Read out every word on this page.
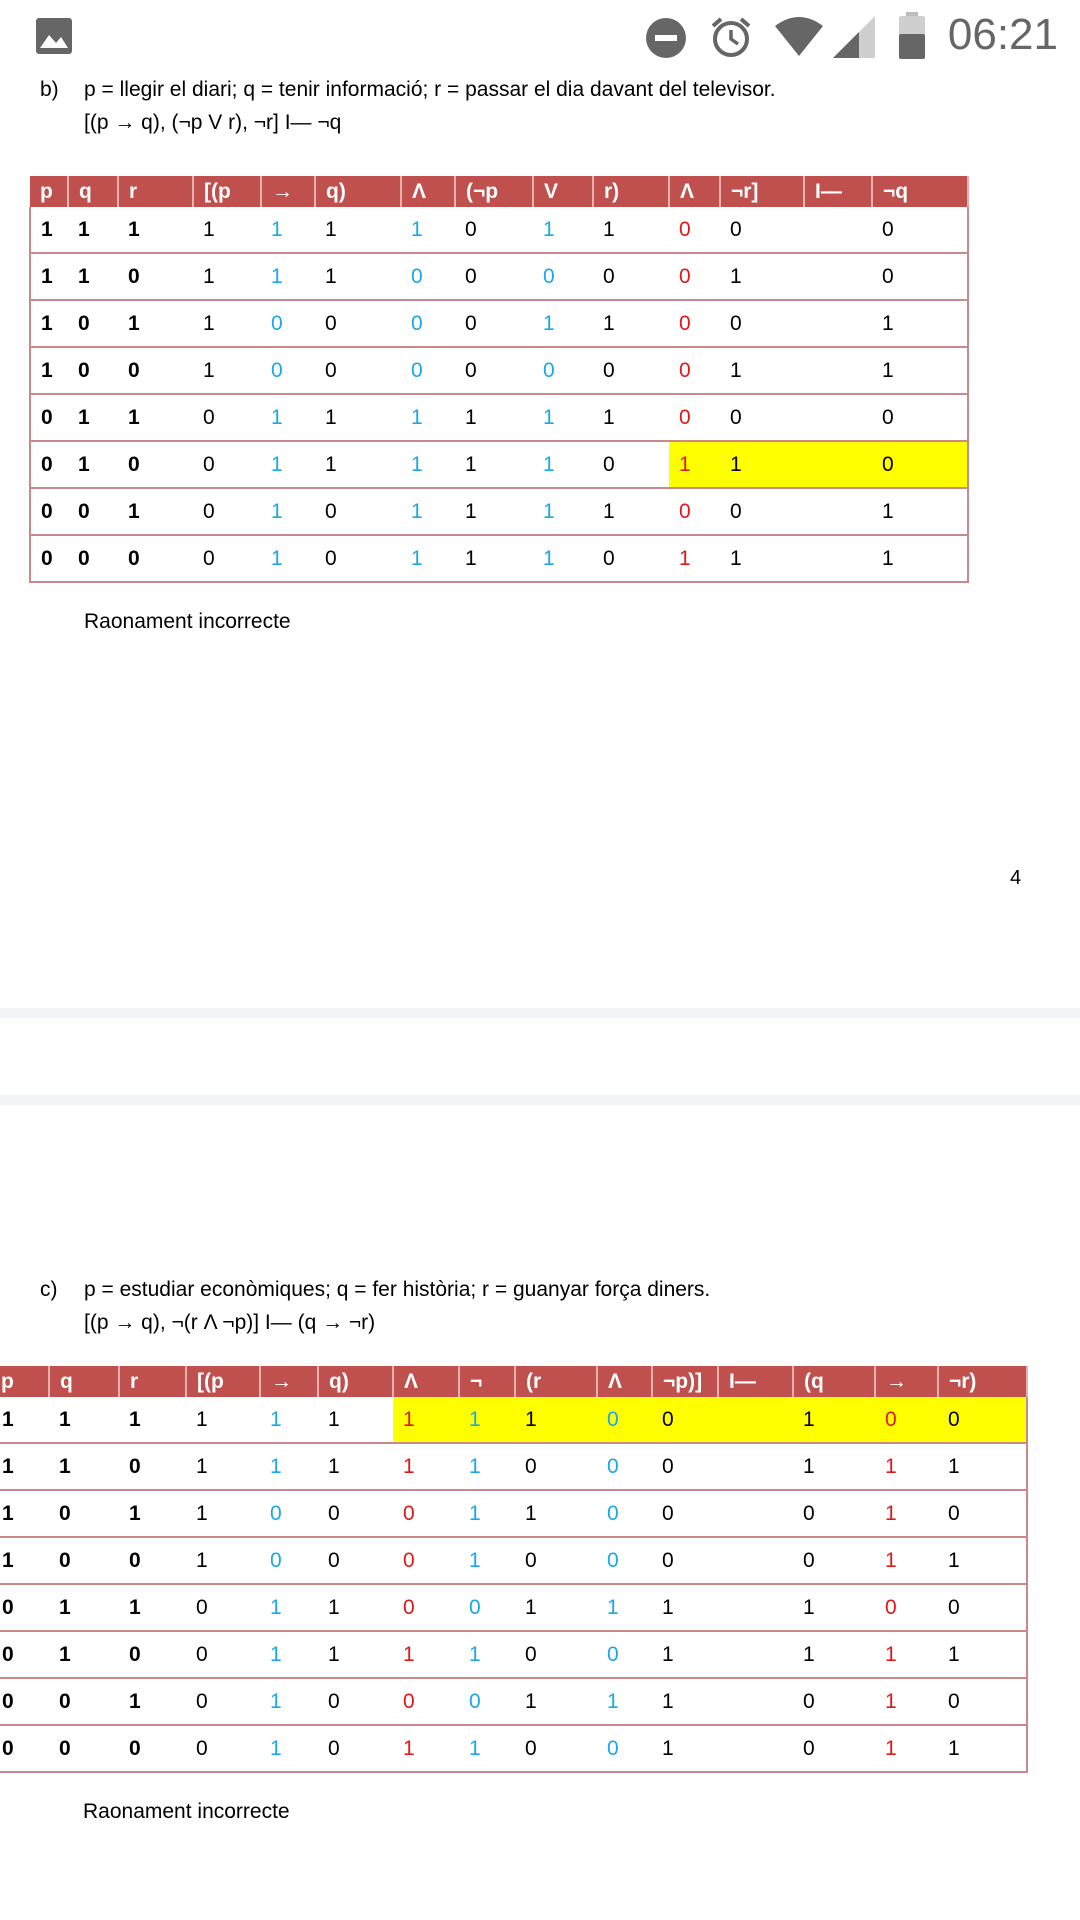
06:21
b) p = llegir el diari; q = tenir informació; r = passar el dia davant del televisor.
[(p → q), (¬p V r), ¬r] I— ¬q
p	q	r	[(p	→	q)	Λ	(¬p	V	r)	Λ	¬r]	I—	¬q
1	1	1	1	1	1	1	0	1	1	0	0		0
1	1	0	1	1	1	0	0	0	0	0	1		0
1	0	1	1	0	0	0	0	1	1	0	0		1
1	0	0	1	0	0	0	0	0	0	0	1		1
0	1	1	0	1	1	1	1	1	1	0	0		0
0	1	0	0	1	1	1	1	1	0	1	1		0
0	0	1	0	1	0	1	1	1	1	0	0		1
0	0	0	0	1	0	1	1	1	0	1	1		1
Raonament incorrecte
4
c) p = estudiar econòmiques; q = fer història; r = guanyar força diners.
[(p → q), ¬(r Λ ¬p)] I— (q → ¬r)
p	q	r	[(p	→	q)	Λ	¬	(r	Λ	¬p)]	I—	(q	→	¬r)
1	1	1	1	1	1	1	1	1	0	0		1	0	0
1	1	0	1	1	1	1	1	0	0	0		1	1	1
1	0	1	1	0	0	0	1	1	0	0		0	1	0
1	0	0	1	0	0	0	1	0	0	0		0	1	1
0	1	1	0	1	1	0	0	1	1	1		1	0	0
0	1	0	0	1	1	1	1	0	0	1		1	1	1
0	0	1	0	1	0	0	0	1	1	1		0	1	0
0	0	0	0	1	0	1	1	0	0	1		0	1	1
Raonament incorrecte
